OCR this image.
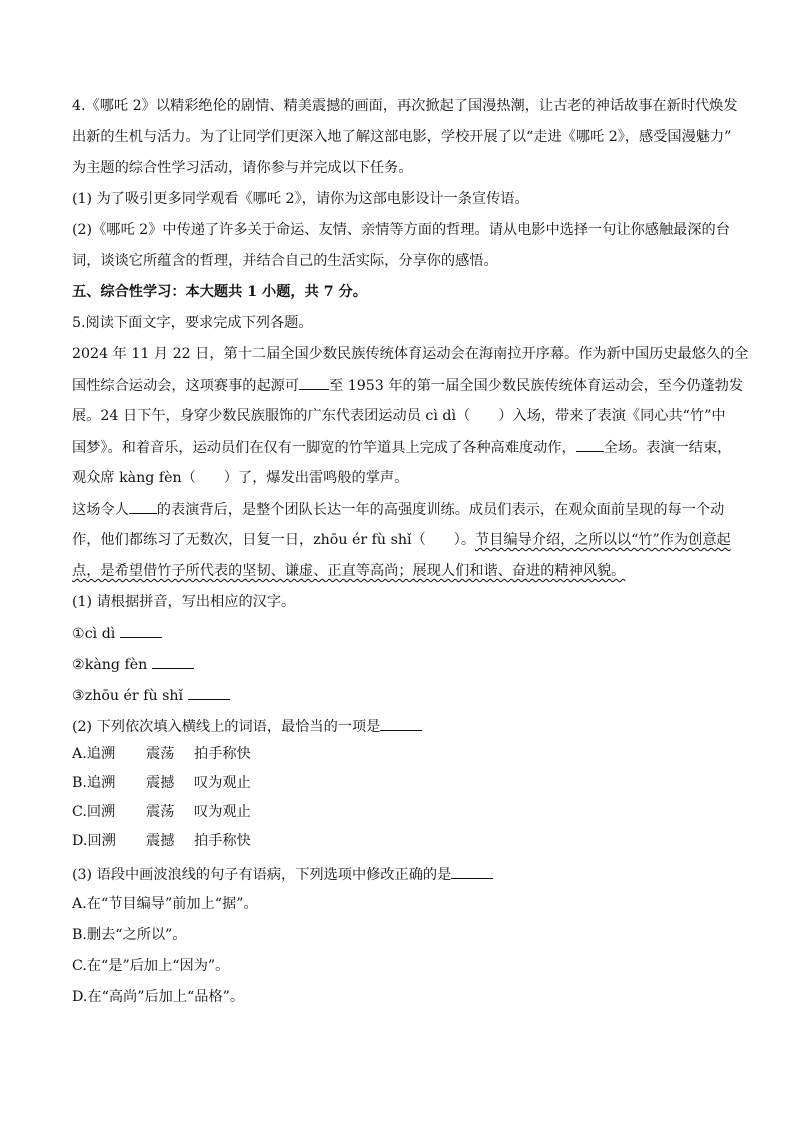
4.《哪吒 2》以精彩绝伦的剧情、精美震撼的画面，再次掀起了国漫热潮，让古老的神话故事在新时代焕发
出新的生机与活力。为了让同学们更深入地了解这部电影，学校开展了以“走进《哪吒 2》，感受国漫魅力”
为主题的综合性学习活动，请你参与并完成以下任务。
(1) 为了吸引更多同学观看《哪吒 2》，请你为这部电影设计一条宣传语。
(2)《哪吒 2》中传递了许多关于命运、友情、亲情等方面的哲理。请从电影中选择一句让你感触最深的台
词，谈谈它所蕴含的哲理，并结合自己的生活实际，分享你的感悟。
五、综合性学习：本大题共 1 小题，共 7 分。
5.阅读下面文字，要求完成下列各题。
2024 年 11 月 22 日，第十二届全国少数民族传统体育运动会在海南拉开序幕。作为新中国历史最悠久的全
国性综合运动会，这项赛事的起源可 至 1953 年的第一届全国少数民族传统体育运动会，至今仍蓬勃发
展。24 日下午，身穿少数民族服饰的广东代表团运动员 cì dì（ ）入场，带来了表演《同心共“竹”中
国梦》。和着音乐，运动员们在仅有一脚宽的竹竿道具上完成了各种高难度动作， 全场。表演一结束，
观众席 kàng fèn（ ）了，爆发出雷鸣般的掌声。
这场令人 的表演背后，是整个团队长达一年的高强度训练。成员们表示，在观众面前呈现的每一个动
作，他们都练习了无数次，日复一日，zhōu ér fù shǐ（ ）。节目编导介绍，之所以以“竹”作为创意起
点，是希望借竹子所代表的坚韧、谦虚、正直等高尚；展现人们和谐、奋进的精神风貌。
(1) 请根据拼音，写出相应的汉字。
①cì dì
②kàng fèn
③zhōu ér fù shǐ
(2) 下列依次填入横线上的词语，最恰当的一项是
A.追溯 震荡 拍手称快
B.追溯 震撼 叹为观止
C.回溯 震荡 叹为观止
D.回溯 震撼 拍手称快
(3) 语段中画波浪线的句子有语病，下列选项中修改正确的是
A.在“节目编导”前加上“据”。
B.删去“之所以”。
C.在“是”后加上“因为”。
D.在“高尚”后加上“品格”。
